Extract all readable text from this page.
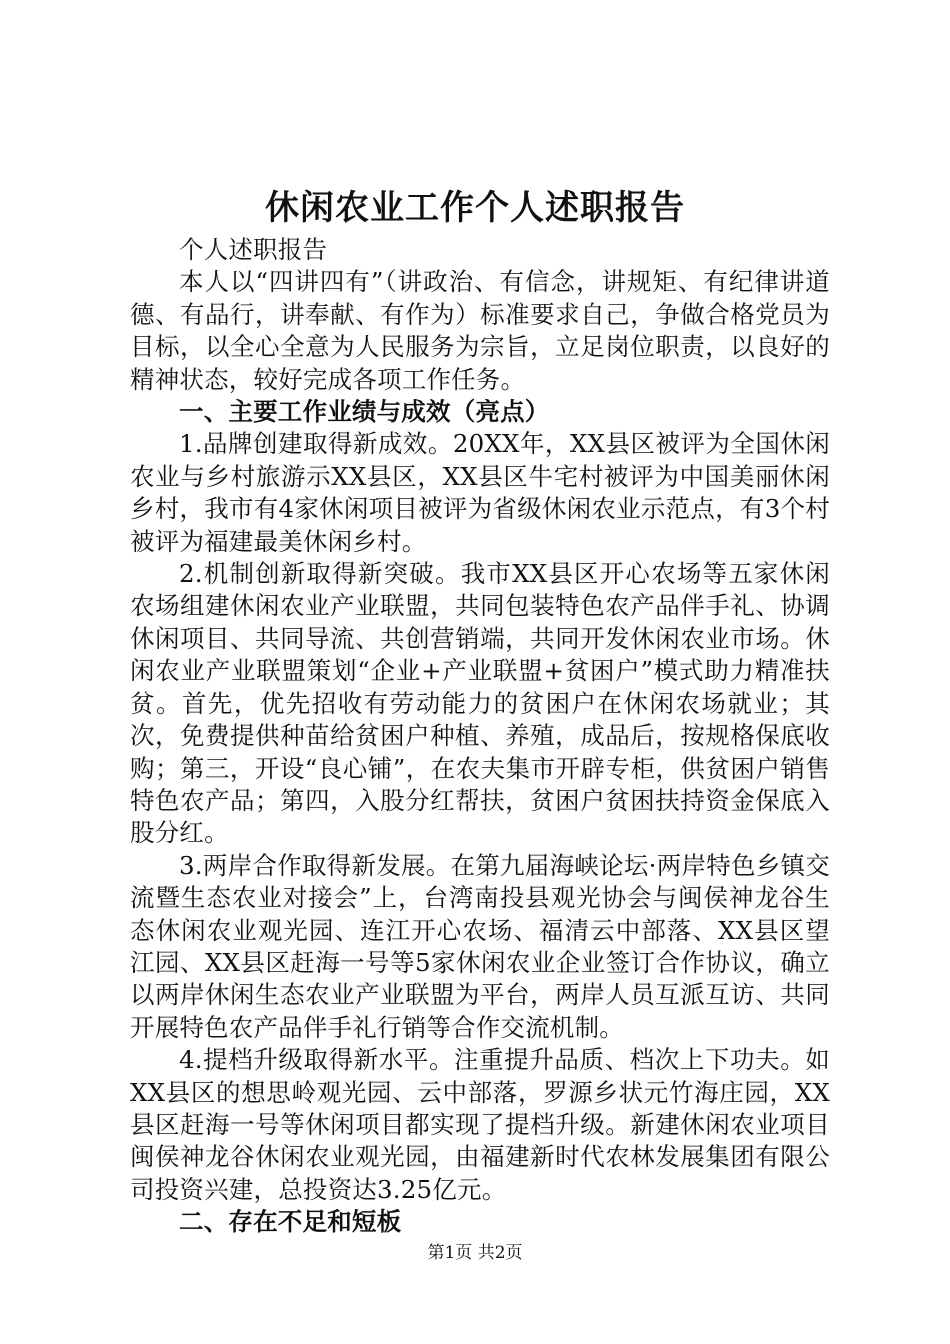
休闲农业工作个人述职报告

个人述职报告

本人以“四讲四有”（讲政治、有信念，讲规矩、有纪律讲道德、有品行，讲奉献、有作为）标准要求自己，争做合格党员为目标，以全心全意为人民服务为宗旨，立足岗位职责，以良好的精神状态，较好完成各项工作任务。

一、主要工作业绩与成效（亮点）

1.品牌创建取得新成效。20XX年，XX县区被评为全国休闲农业与乡村旅游示XX县区，XX县区牛宅村被评为中国美丽休闲乡村，我市有4家休闲项目被评为省级休闲农业示范点，有3个村被评为福建最美休闲乡村。

2.机制创新取得新突破。我市XX县区开心农场等五家休闲农场组建休闲农业产业联盟，共同包装特色农产品伴手礼、协调休闲项目、共同导流、共创营销端，共同开发休闲农业市场。休闲农业产业联盟策划“企业+产业联盟+贫困户”模式助力精准扶贫。首先，优先招收有劳动能力的贫困户在休闲农场就业；其次，免费提供种苗给贫困户种植、养殖，成品后，按规格保底收购；第三，开设“良心铺”，在农夫集市开辟专柜，供贫困户销售特色农产品；第四，入股分红帮扶，贫困户贫困扶持资金保底入股分红。

3.两岸合作取得新发展。在第九届海峡论坛·两岸特色乡镇交流暨生态农业对接会”上，台湾南投县观光协会与闽侯神龙谷生态休闲农业观光园、连江开心农场、福清云中部落、XX县区望江园、XX县区赶海一号等5家休闲农业企业签订合作协议，确立以两岸休闲生态农业产业联盟为平台，两岸人员互派互访、共同开展特色农产品伴手礼行销等合作交流机制。

4.提档升级取得新水平。注重提升品质、档次上下功夫。如XX县区的想思岭观光园、云中部落，罗源乡状元竹海庄园，XX县区赶海一号等休闲项目都实现了提档升级。新建休闲农业项目闽侯神龙谷休闲农业观光园，由福建新时代农林发展集团有限公司投资兴建，总投资达3.25亿元。

二、存在不足和短板

第1页 共2页
